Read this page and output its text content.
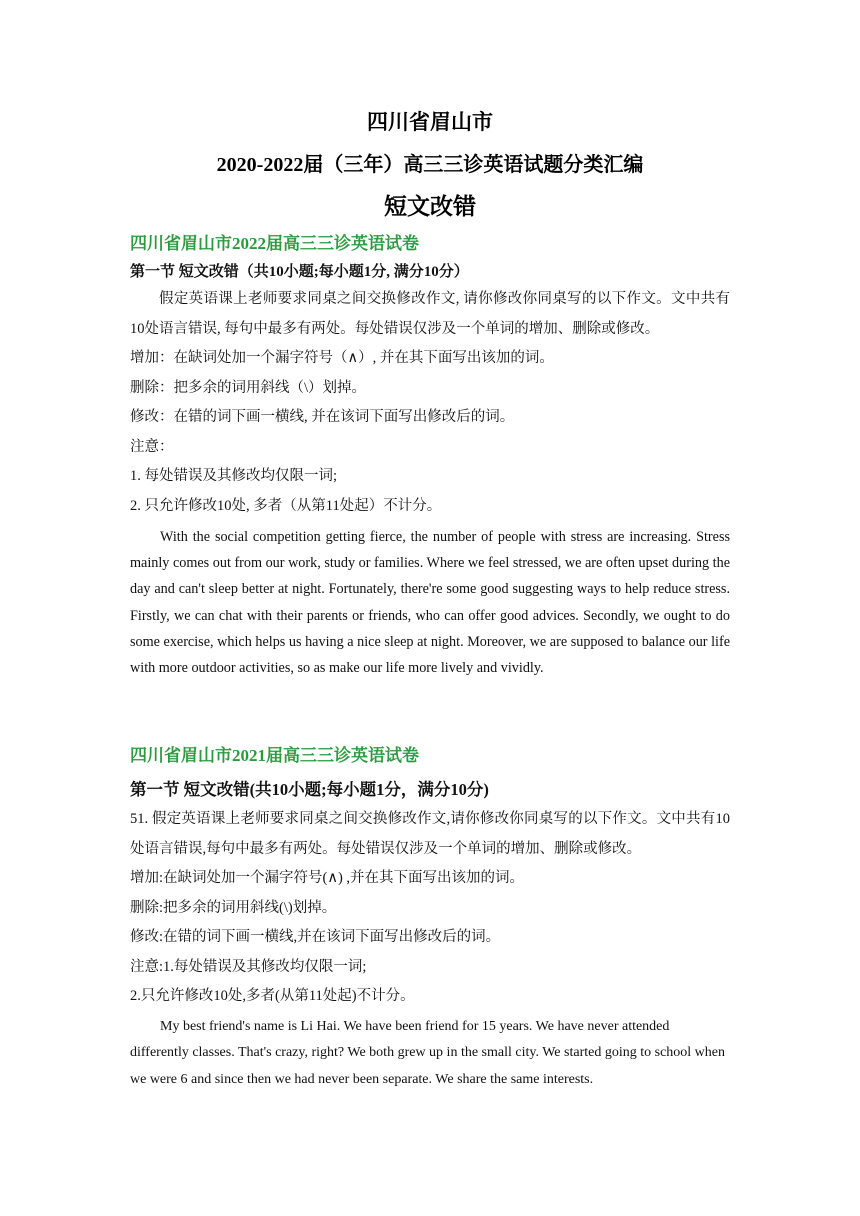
四川省眉山市
2020-2022届（三年）高三三诊英语试题分类汇编
短文改错

四川省眉山市2022届高三三诊英语试卷

第一节 短文改错（共10小题;每小题1分, 满分10分）

假定英语课上老师要求同桌之间交换修改作文, 请你修改你同桌写的以下作文。文中共有10处语言错误, 每句中最多有两处。每处错误仅涉及一个单词的增加、删除或修改。

增加：在缺词处加一个漏字符号（∧）, 并在其下面写出该加的词。

删除：把多余的词用斜线（\）划掉。

修改：在错的词下画一横线, 并在该词下面写出修改后的词。

注意：

1. 每处错误及其修改均仅限一词;

2. 只允许修改10处, 多者（从第11处起）不计分。

With the social competition getting fierce, the number of people with stress are increasing. Stress mainly comes out from our work, study or families. Where we feel stressed, we are often upset during the day and can't sleep better at night. Fortunately, there're some good suggesting ways to help reduce stress. Firstly, we can chat with their parents or friends, who can offer good advices. Secondly, we ought to do some exercise, which helps us having a nice sleep at night. Moreover, we are supposed to balance our life with more outdoor activities, so as make our life more lively and vividly.

四川省眉山市2021届高三三诊英语试卷

第一节 短文改错(共10小题;每小题1分，满分10分)

51. 假定英语课上老师要求同桌之间交换修改作文,请你修改你同桌写的以下作文。文中共有10处语言错误,每句中最多有两处。每处错误仅涉及一个单词的增加、删除或修改。

增加:在缺词处加一个漏字符号(∧) ,并在其下面写出该加的词。

删除:把多余的词用斜线(\)划掉。

修改:在错的词下画一横线,并在该词下面写出修改后的词。

注意:1.每处错误及其修改均仅限一词;

2.只允许修改10处,多者(从第11处起)不计分。

My best friend's name is Li Hai. We have been friend for 15 years. We have never attended differently classes. That's crazy, right? We both grew up in the small city. We started going to school when we were 6 and since then we had never been separate. We share the same interests.
